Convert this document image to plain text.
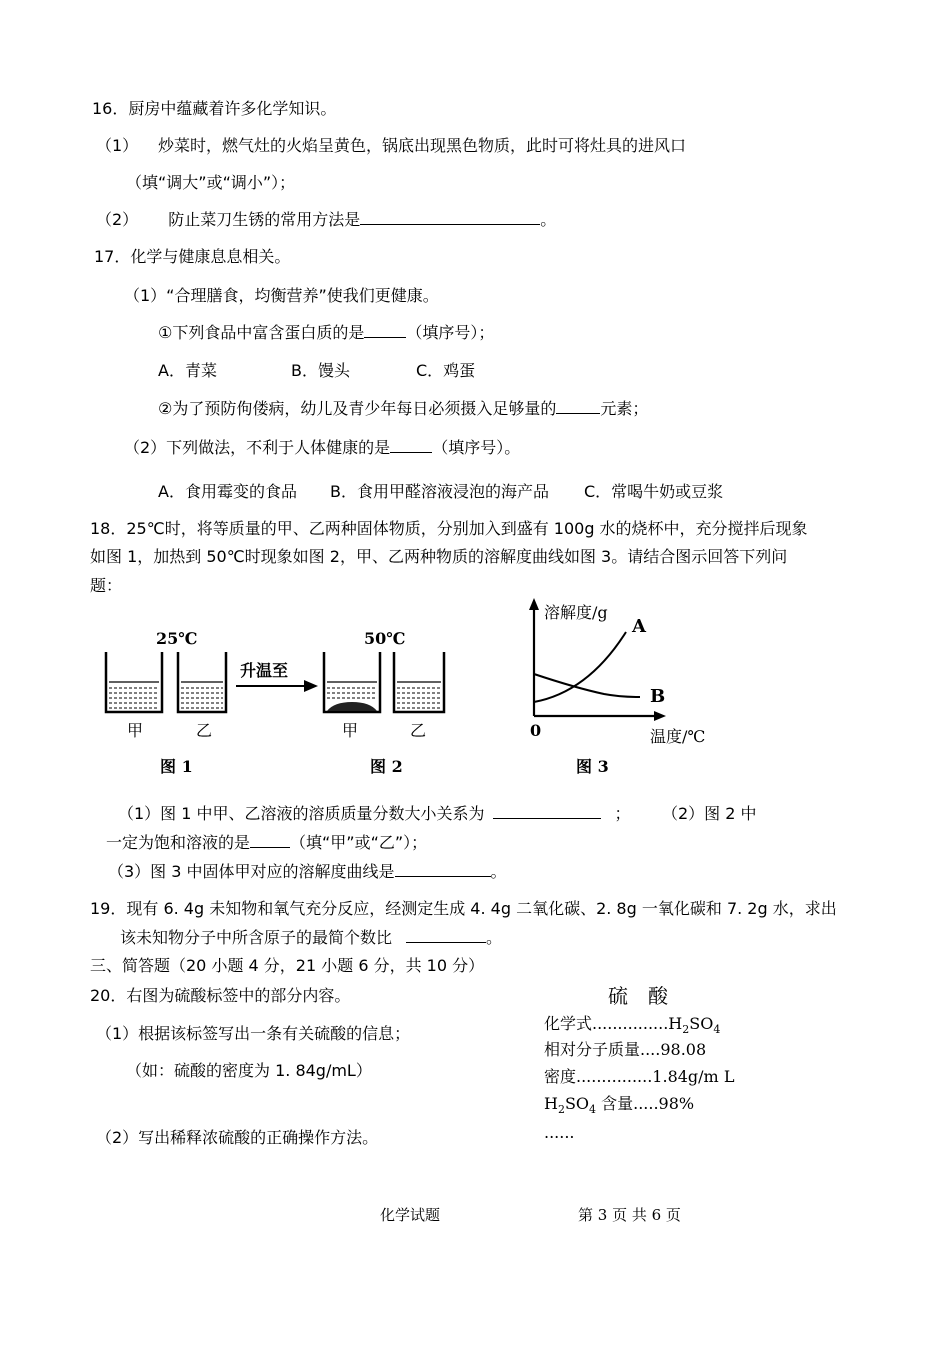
16．厨房中蕴藏着许多化学知识。
（1） 炒菜时，燃气灶的火焰呈黄色，锅底出现黑色物质，此时可将灶具的进风口
（填“调大”或“调小”）；
（2） 防止菜刀生锈的常用方法是	。
17．化学与健康息息相关。
（1）“合理膳食，均衡营养”使我们更健康。
①下列食品中富含蛋白质的是	（填序号）；
A．青菜	B．馒头	C．鸡蛋
②为了预防佝偻病，幼儿及青少年每日必须摄入足够量的	元素；
（2）下列做法，不利于人体健康的是	（填序号）。
A．食用霉变的食品 B．食用甲醛溶液浸泡的海产品 C．常喝牛奶或豆浆
18．25℃时，将等质量的甲、乙两种固体物质，分别加入到盛有 100g 水的烧杯中，充分搅拌后现象
如图 1，加热到 50℃时现象如图 2，甲、乙两种物质的溶解度曲线如图 3。请结合图示回答下列问
题：
25℃
升温至
50℃
甲	乙	甲	乙
图 1	图 2
溶解度/g
温度/℃
0
A
B
图 3
（1）图 1 中甲、乙溶液的溶质质量分数大小关系为	； （2）图 2 中
一定为饱和溶液的是	（填“甲”或“乙”）；
（3）图 3 中固体甲对应的溶解度曲线是	。
19．现有 6. 4g 未知物和氧气充分反应，经测定生成 4. 4g 二氧化碳、2. 8g 一氧化碳和 7. 2g 水，求出
该未知物分子中所含原子的最简个数比	。
三、简答题（20 小题 4 分，21 小题 6 分，共 10 分）
20．右图为硫酸标签中的部分内容。
（1）根据该标签写出一条有关硫酸的信息；
（如：硫酸的密度为 1. 84g/mL）
（2）写出稀释浓硫酸的正确操作方法。
硫　酸
化学式$...............H_2SO_4$
相对分子质量....98.08
密度...............1.84g/m L
$H_2SO_4$ 含量.....98%
......
化学试题	第 3 页 共 6 页
